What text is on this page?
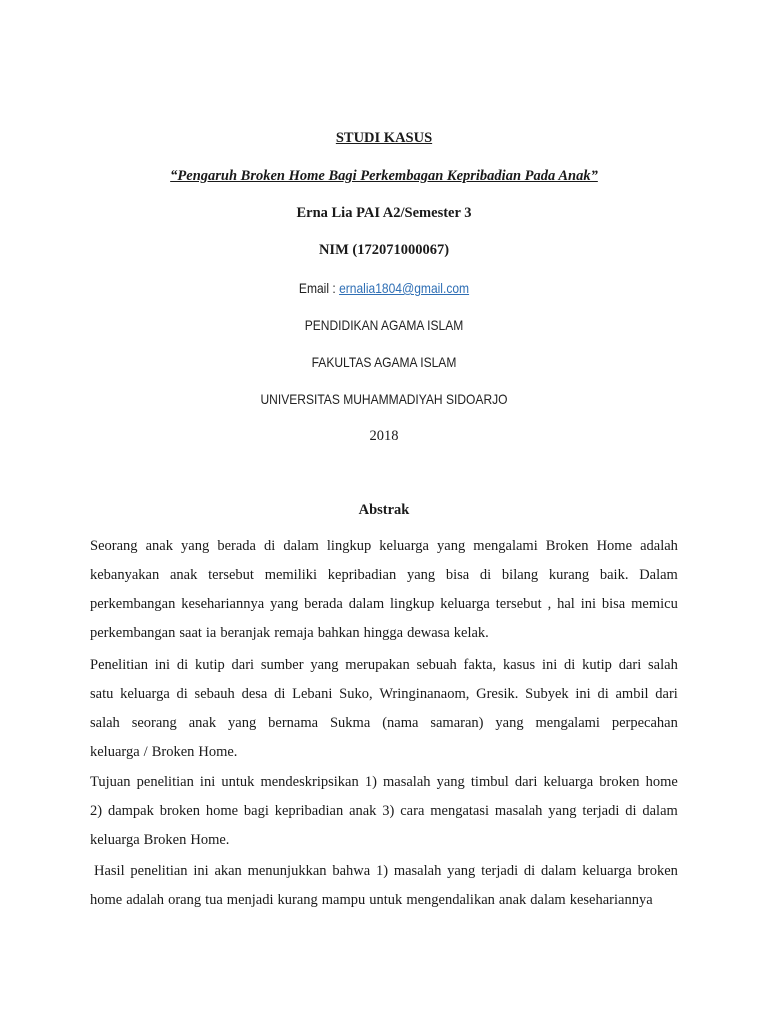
STUDI KASUS
“Pengaruh Broken Home Bagi Perkembagan Kepribadian Pada Anak”
Erna Lia PAI A2/Semester 3
NIM (172071000067)
Email : ernalia1804@gmail.com
PENDIDIKAN AGAMA ISLAM
FAKULTAS AGAMA ISLAM
UNIVERSITAS MUHAMMADIYAH SIDOARJO
2018
Abstrak
Seorang anak yang berada di dalam lingkup keluarga yang mengalami Broken Home adalah
kebanyakan anak tersebut memiliki kepribadian yang bisa di bilang kurang baik. Dalam
perkembangan kesehariannya yang berada dalam lingkup keluarga tersebut , hal ini bisa memicu
perkembangan saat ia beranjak remaja bahkan hingga dewasa kelak.
Penelitian ini di kutip dari sumber yang merupakan sebuah fakta, kasus ini di kutip dari salah
satu keluarga di sebauh desa di Lebani Suko, Wringinanaom, Gresik. Subyek ini di ambil dari
salah seorang anak yang bernama Sukma (nama samaran) yang mengalami perpecahan
keluarga / Broken Home.
Tujuan penelitian ini untuk mendeskripsikan 1) masalah yang timbul dari keluarga broken home
2) dampak broken home bagi kepribadian anak 3) cara mengatasi masalah yang terjadi di dalam
keluarga Broken Home.
Hasil penelitian ini akan menunjukkan bahwa 1) masalah yang terjadi di dalam keluarga broken
home adalah orang tua menjadi kurang mampu untuk mengendalikan anak dalam kesehariannya
